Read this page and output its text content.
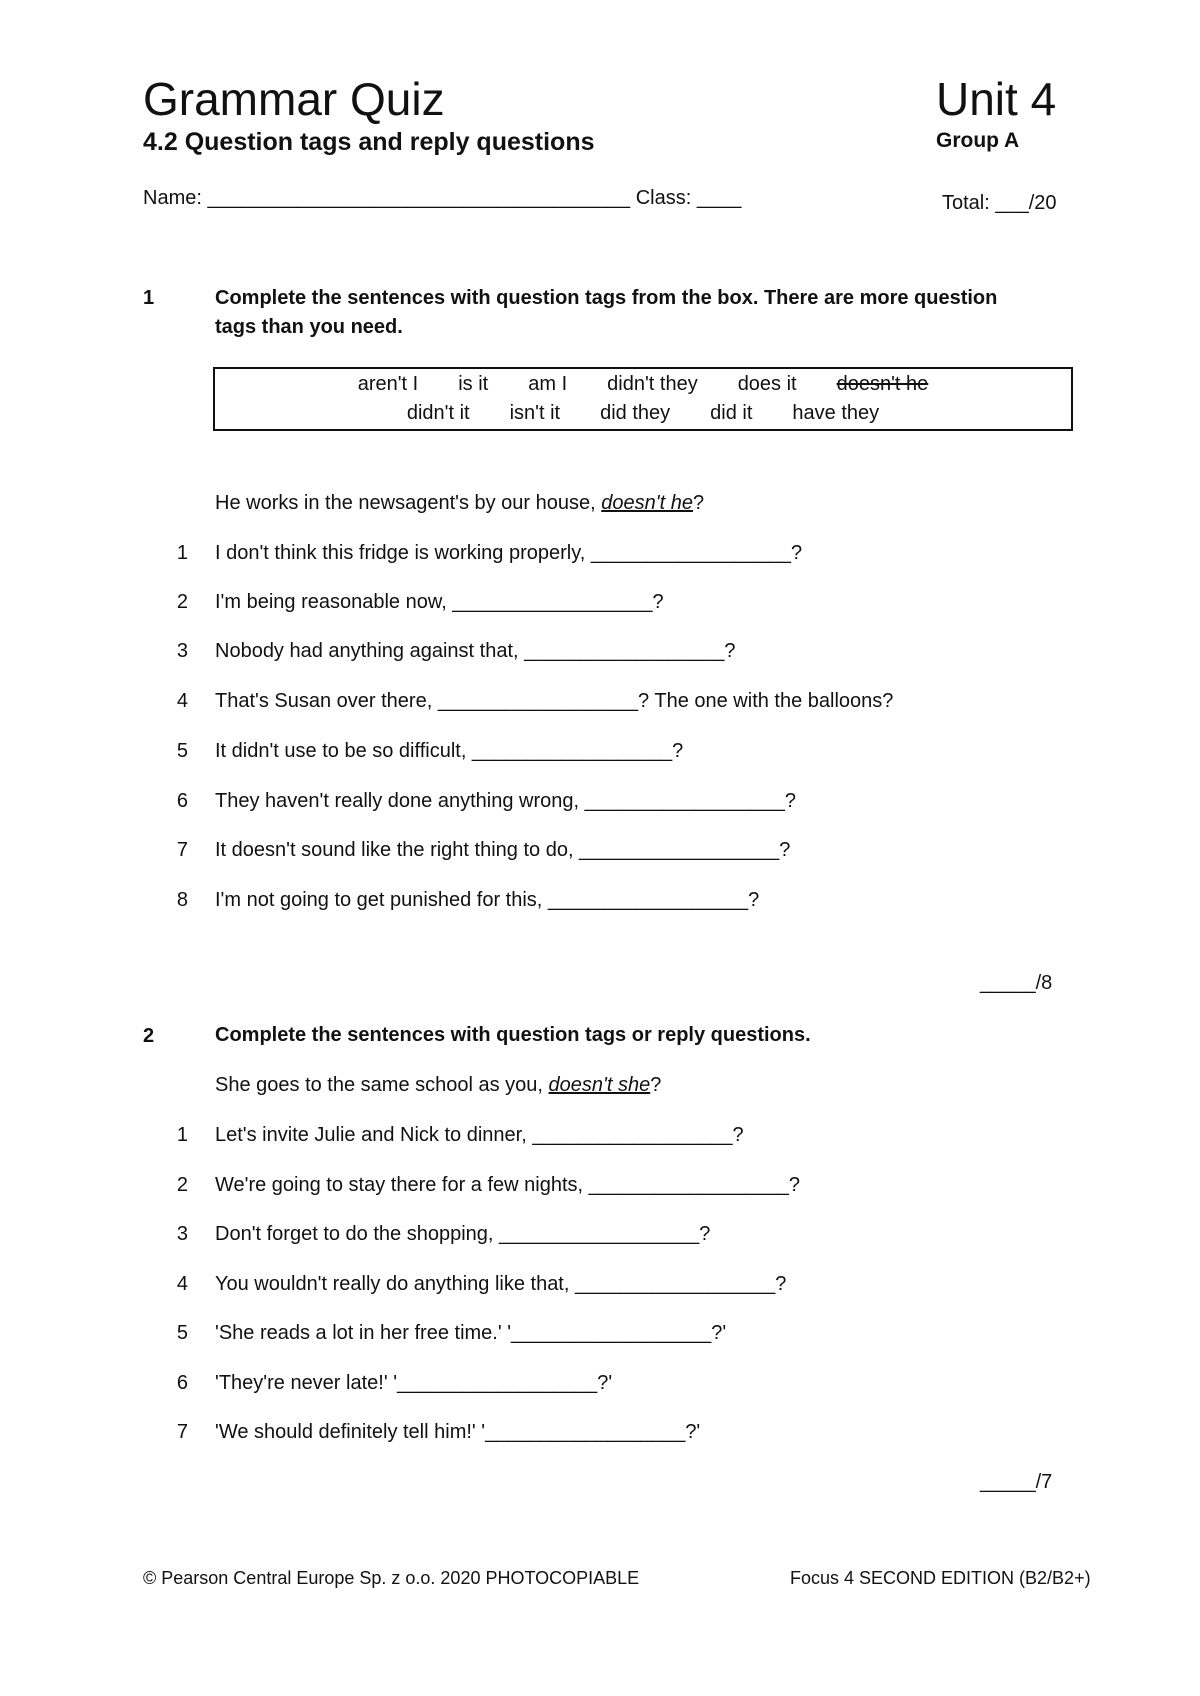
Grammar Quiz	Unit 4
4.2 Question tags and reply questions	Group A
Name: ______________________________________ Class: ____	Total: ___/20
1	Complete the sentences with question tags from the box. There are more question tags than you need.
aren't I is it am I didn't they does it doesn't he
didn't it isn't it did they did it have they
He works in the newsagent's by our house, doesn't he?
1 I don't think this fridge is working properly, __________________?
2 I'm being reasonable now, __________________?
3 Nobody had anything against that, __________________?
4 That's Susan over there, __________________? The one with the balloons?
5 It didn't use to be so difficult, __________________?
6 They haven't really done anything wrong, __________________?
7 It doesn't sound like the right thing to do, __________________?
8 I'm not going to get punished for this, __________________?
_____/8
2	Complete the sentences with question tags or reply questions.
She goes to the same school as you, doesn't she?
1 Let's invite Julie and Nick to dinner, __________________?
2 We're going to stay there for a few nights, __________________?
3 Don't forget to do the shopping, __________________?
4 You wouldn't really do anything like that, __________________?
5 'She reads a lot in her free time.' '__________________?'
6 'They're never late!' '__________________?'
7 'We should definitely tell him!' '__________________?'
_____/7
© Pearson Central Europe Sp. z o.o. 2020 PHOTOCOPIABLE	Focus 4 SECOND EDITION (B2/B2+)
